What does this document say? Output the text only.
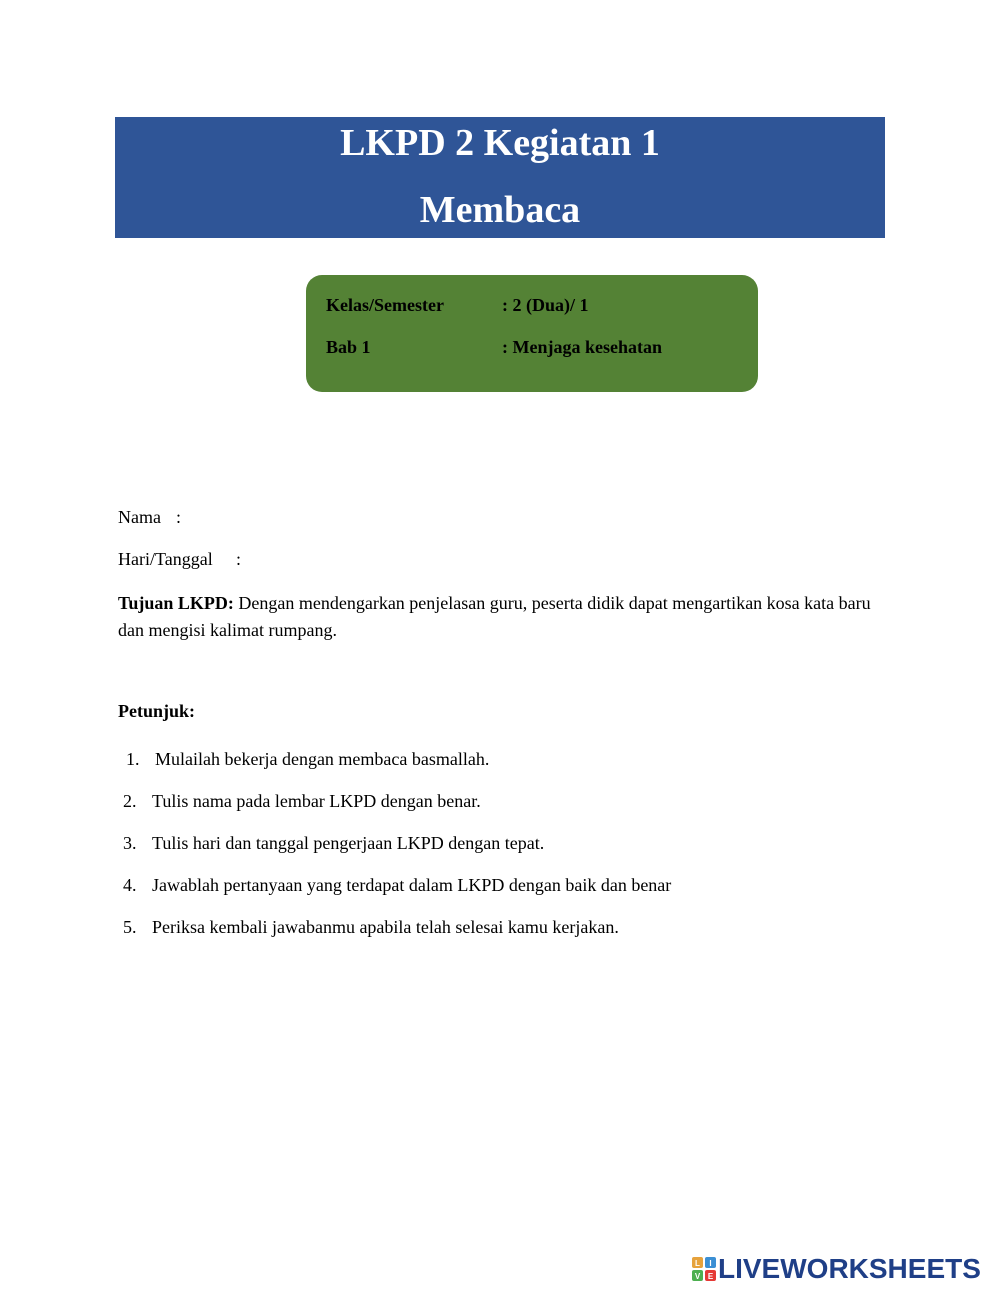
LKPD 2 Kegiatan 1
Membaca
Kelas/Semester	: 2 (Dua)/ 1
Bab 1	: Menjaga kesehatan
Nama :
Hari/Tanggal :
Tujuan LKPD: Dengan mendengarkan penjelasan guru, peserta didik dapat mengartikan kosa kata baru dan mengisi kalimat rumpang.
Petunjuk:
1. Mulailah bekerja dengan membaca basmallah.
2. Tulis nama pada lembar LKPD dengan benar.
3. Tulis hari dan tanggal pengerjaan LKPD dengan tepat.
4. Jawablah pertanyaan yang terdapat dalam LKPD dengan baik dan benar
5. Periksa kembali jawabanmu apabila telah selesai kamu kerjakan.
L I
V E LIVEWORKSHEETS
